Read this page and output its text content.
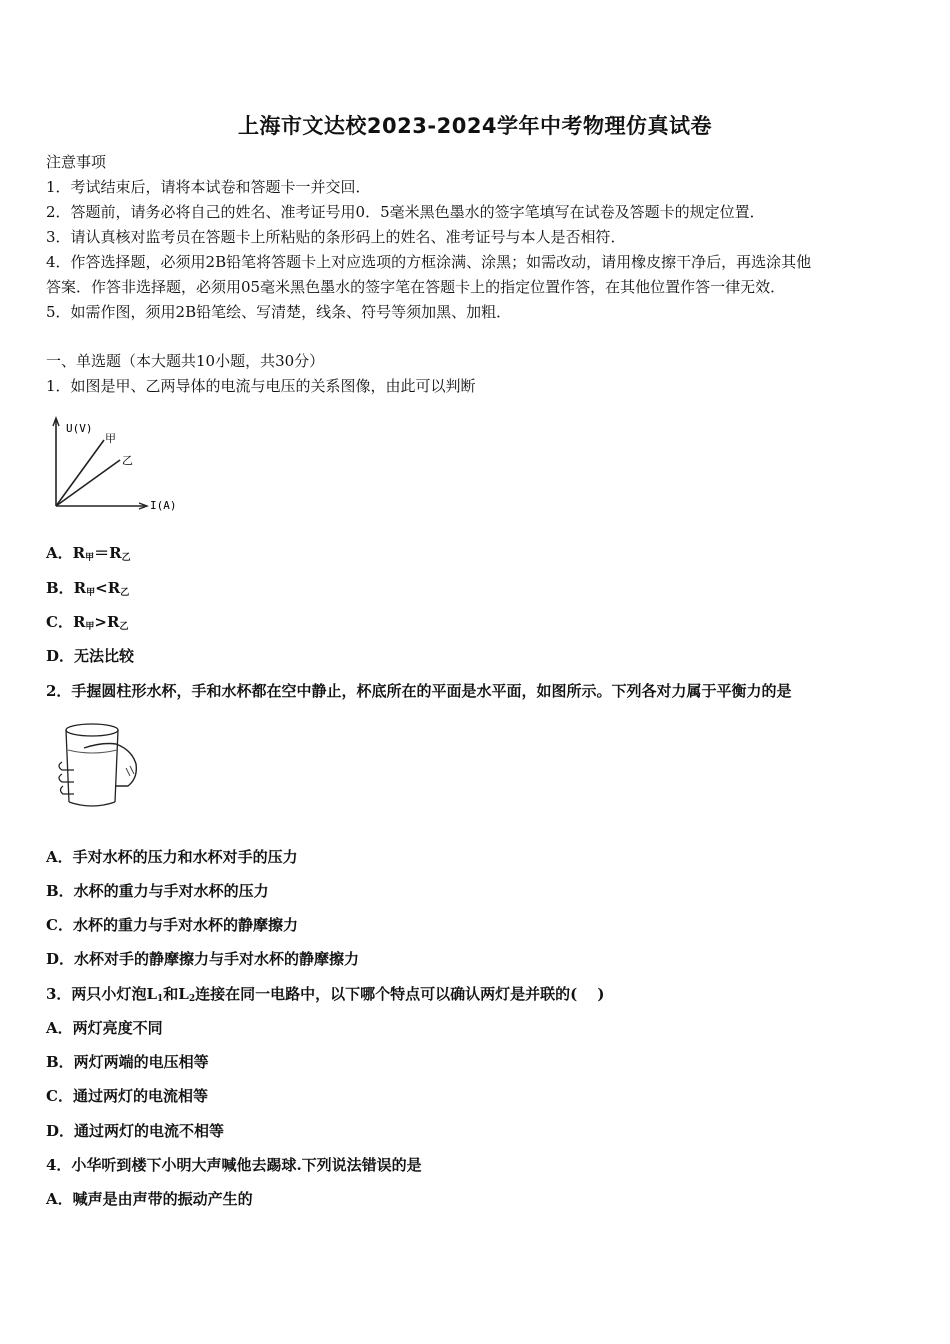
上海市文达校2023-2024学年中考物理仿真试卷
注意事项
1．考试结束后，请将本试卷和答题卡一并交回．
2．答题前，请务必将自己的姓名、准考证号用0．5毫米黑色墨水的签字笔填写在试卷及答题卡的规定位置．
3．请认真核对监考员在答题卡上所粘贴的条形码上的姓名、准考证号与本人是否相符．
4．作答选择题，必须用2B铅笔将答题卡上对应选项的方框涂满、涂黑；如需改动，请用橡皮擦干净后，再选涂其他
答案．作答非选择题，必须用05毫米黑色墨水的签字笔在答题卡上的指定位置作答，在其他位置作答一律无效．
5．如需作图，须用2B铅笔绘、写清楚，线条、符号等须加黑、加粗．
一、单选题（本大题共10小题，共30分）
1．如图是甲、乙两导体的电流与电压的关系图像，由此可以判断
U(V)
甲
乙
I(A)
A．$R_甲=R_乙$
B．$R_甲<R_乙$
C．$R_甲>R_乙$
D．无法比较
2．手握圆柱形水杯，手和水杯都在空中静止，杯底所在的平面是水平面，如图所示。下列各对力属于平衡力的是
A．手对水杯的压力和水杯对手的压力
B．水杯的重力与手对水杯的压力
C．水杯的重力与手对水杯的静摩擦力
D．水杯对手的静摩擦力与手对水杯的静摩擦力
3．两只小灯泡$L_1$和$L_2$连接在同一电路中，以下哪个特点可以确认两灯是并联的(　 )
A．两灯亮度不同
B．两灯两端的电压相等
C．通过两灯的电流相等
D．通过两灯的电流不相等
4．小华听到楼下小明大声喊他去踢球.下列说法错误的是
A．喊声是由声带的振动产生的
